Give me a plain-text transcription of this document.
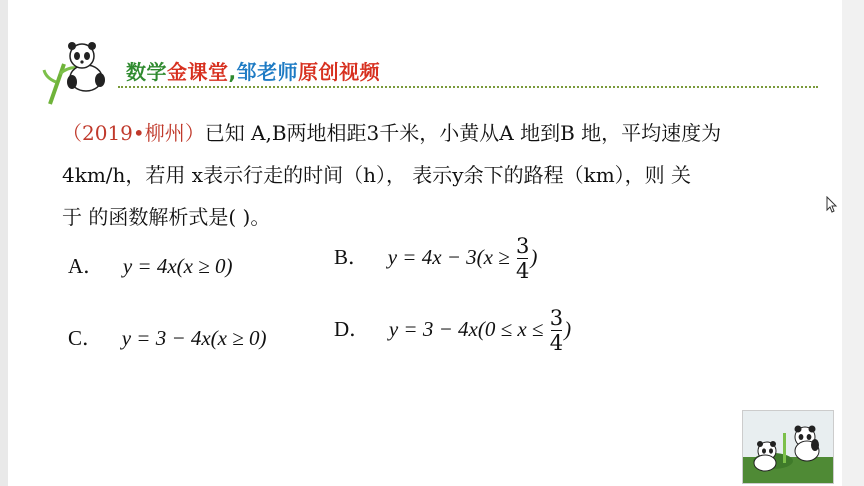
数学金课堂,邹老师原创视频
（2019•柳州）已知 A,B两地相距3千米，小黄从A 地到B 地，平均速度为
4km/h，若用 x表示行走的时间（h）， 表示y余下的路程（km），则 关
于 的函数解析式是( )。
A． y = 4x(x ≥ 0)	B． $y = 4x - 3(x \ge \frac{3}{4}$ )
C． y = 3 − 4x(x ≥ 0)	D． $y = 3 - 4x(0 \le x \le \frac{3}{4}$ )
